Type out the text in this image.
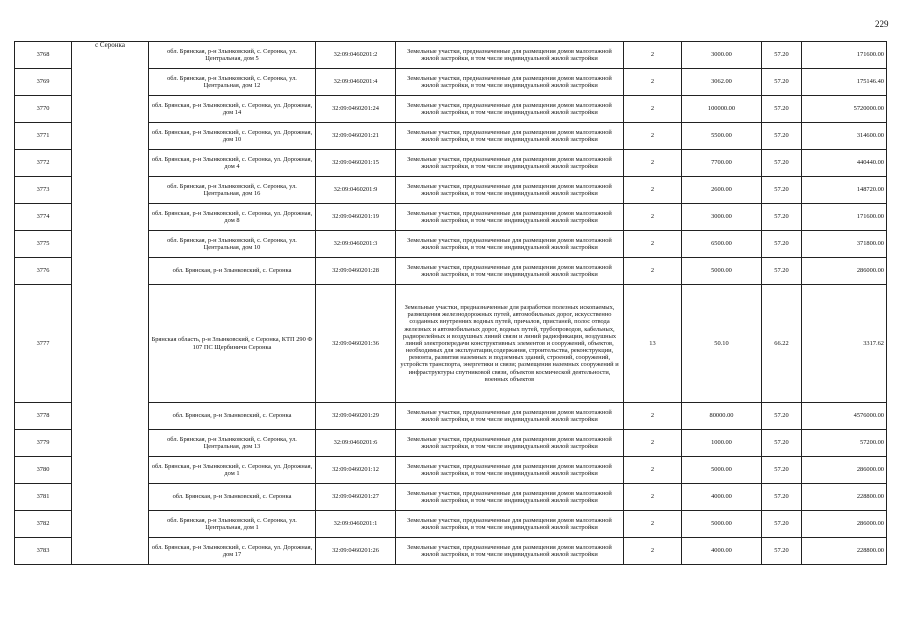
229
3768	с Серонка	обл. Брянская, р-н Злынковский, с. Серонка, ул. Центральная, дом 5	32:09:0460201:2	Земельные участки, предназначенные для размещения домов малоэтажной жилой застройки, в том числе индивидуальной жилой застройки	2	3000.00	57.20	171600.00
3769		обл. Брянская, р-н Злынковский, с. Серонка, ул. Центральная, дом 12	32:09:0460201:4	Земельные участки, предназначенные для размещения домов малоэтажной жилой застройки, в том числе индивидуальной жилой застройки	2	3062.00	57.20	175146.40
3770		обл. Брянская, р-н Злынковский, с. Серонка, ул. Дорожная, дом 14	32:09:0460201:24	Земельные участки, предназначенные для размещения домов малоэтажной жилой застройки, в том числе индивидуальной жилой застройки	2	100000.00	57.20	5720000.00
3771		обл. Брянская, р-н Злынковский, с. Серонка, ул. Дорожная, дом 10	32:09:0460201:21	Земельные участки, предназначенные для размещения домов малоэтажной жилой застройки, в том числе индивидуальной жилой застройки	2	5500.00	57.20	314600.00
3772		обл. Брянская, р-н Злынковский, с. Серонка, ул. Дорожная, дом 4	32:09:0460201:15	Земельные участки, предназначенные для размещения домов малоэтажной жилой застройки, в том числе индивидуальной жилой застройки	2	7700.00	57.20	440440.00
3773		обл. Брянская, р-н Злынковский, с. Серонка, ул. Центральная, дом 16	32:09:0460201:9	Земельные участки, предназначенные для размещения домов малоэтажной жилой застройки, в том числе индивидуальной жилой застройки	2	2600.00	57.20	148720.00
3774		обл. Брянская, р-н Злынковский, с. Серонка, ул. Дорожная, дом 8	32:09:0460201:19	Земельные участки, предназначенные для размещения домов малоэтажной жилой застройки, в том числе индивидуальной жилой застройки	2	3000.00	57.20	171600.00
3775		обл. Брянская, р-н Злынковский, с. Серонка, ул. Центральная, дом 10	32:09:0460201:3	Земельные участки, предназначенные для размещения домов малоэтажной жилой застройки, в том числе индивидуальной жилой застройки	2	6500.00	57.20	371800.00
3776		обл. Брянская, р-н Злынковский, с. Серонка	32:09:0460201:28	Земельные участки, предназначенные для размещения домов малоэтажной жилой застройки, в том числе индивидуальной жилой застройки	2	5000.00	57.20	286000.00
3777		Брянская область, р-н Злынковский, с Серонка, КТП 290 Ф 107 ПС Щербиничи Серонка	32:09:0460201:36	Земельные участки, предназначенные для разработки полезных ископаемых, размещения железнодорожных путей, автомобильных дорог, искусственно созданных внутренних водных путей, причалов, пристаней, полос отвода железных и автомобильных дорог, водных путей, трубопроводов, кабельных, радиорелейных и воздушных линий связи и линий радиофикации, воздушных линий электропередачи конструктивных элементов и сооружений, объектов, необходимых для эксплуатации,содержания, строительства, реконструкции, ремонта, развития наземных и подземных зданий, строений, сооружений, устройств транспорта, энергетики и связи; размещения наземных сооружений и инфраструктуры спутниковой связи, объектов космической деятельности, военных объектов	13	50.10	66.22	3317.62
3778		обл. Брянская, р-н Злынковский, с. Серонка	32:09:0460201:29	Земельные участки, предназначенные для размещения домов малоэтажной жилой застройки, в том числе индивидуальной жилой застройки	2	80000.00	57.20	4576000.00
3779		обл. Брянская, р-н Злынковский, с. Серонка, ул. Центральная, дом 13	32:09:0460201:6	Земельные участки, предназначенные для размещения домов малоэтажной жилой застройки, в том числе индивидуальной жилой застройки	2	1000.00	57.20	57200.00
3780		обл. Брянская, р-н Злынковский, с. Серонка, ул. Дорожная, дом 1	32:09:0460201:12	Земельные участки, предназначенные для размещения домов малоэтажной жилой застройки, в том числе индивидуальной жилой застройки	2	5000.00	57.20	286000.00
3781		обл. Брянская, р-н Злынковский, с. Серонка	32:09:0460201:27	Земельные участки, предназначенные для размещения домов малоэтажной жилой застройки, в том числе индивидуальной жилой застройки	2	4000.00	57.20	228800.00
3782		обл. Брянская, р-н Злынковский, с. Серонка, ул. Центральная, дом 1	32:09:0460201:1	Земельные участки, предназначенные для размещения домов малоэтажной жилой застройки, в том числе индивидуальной жилой застройки	2	5000.00	57.20	286000.00
3783		обл. Брянская, р-н Злынковский, с. Серонка, ул. Дорожная, дом 17	32:09:0460201:26	Земельные участки, предназначенные для размещения домов малоэтажной жилой застройки, в том числе индивидуальной жилой застройки	2	4000.00	57.20	228800.00
